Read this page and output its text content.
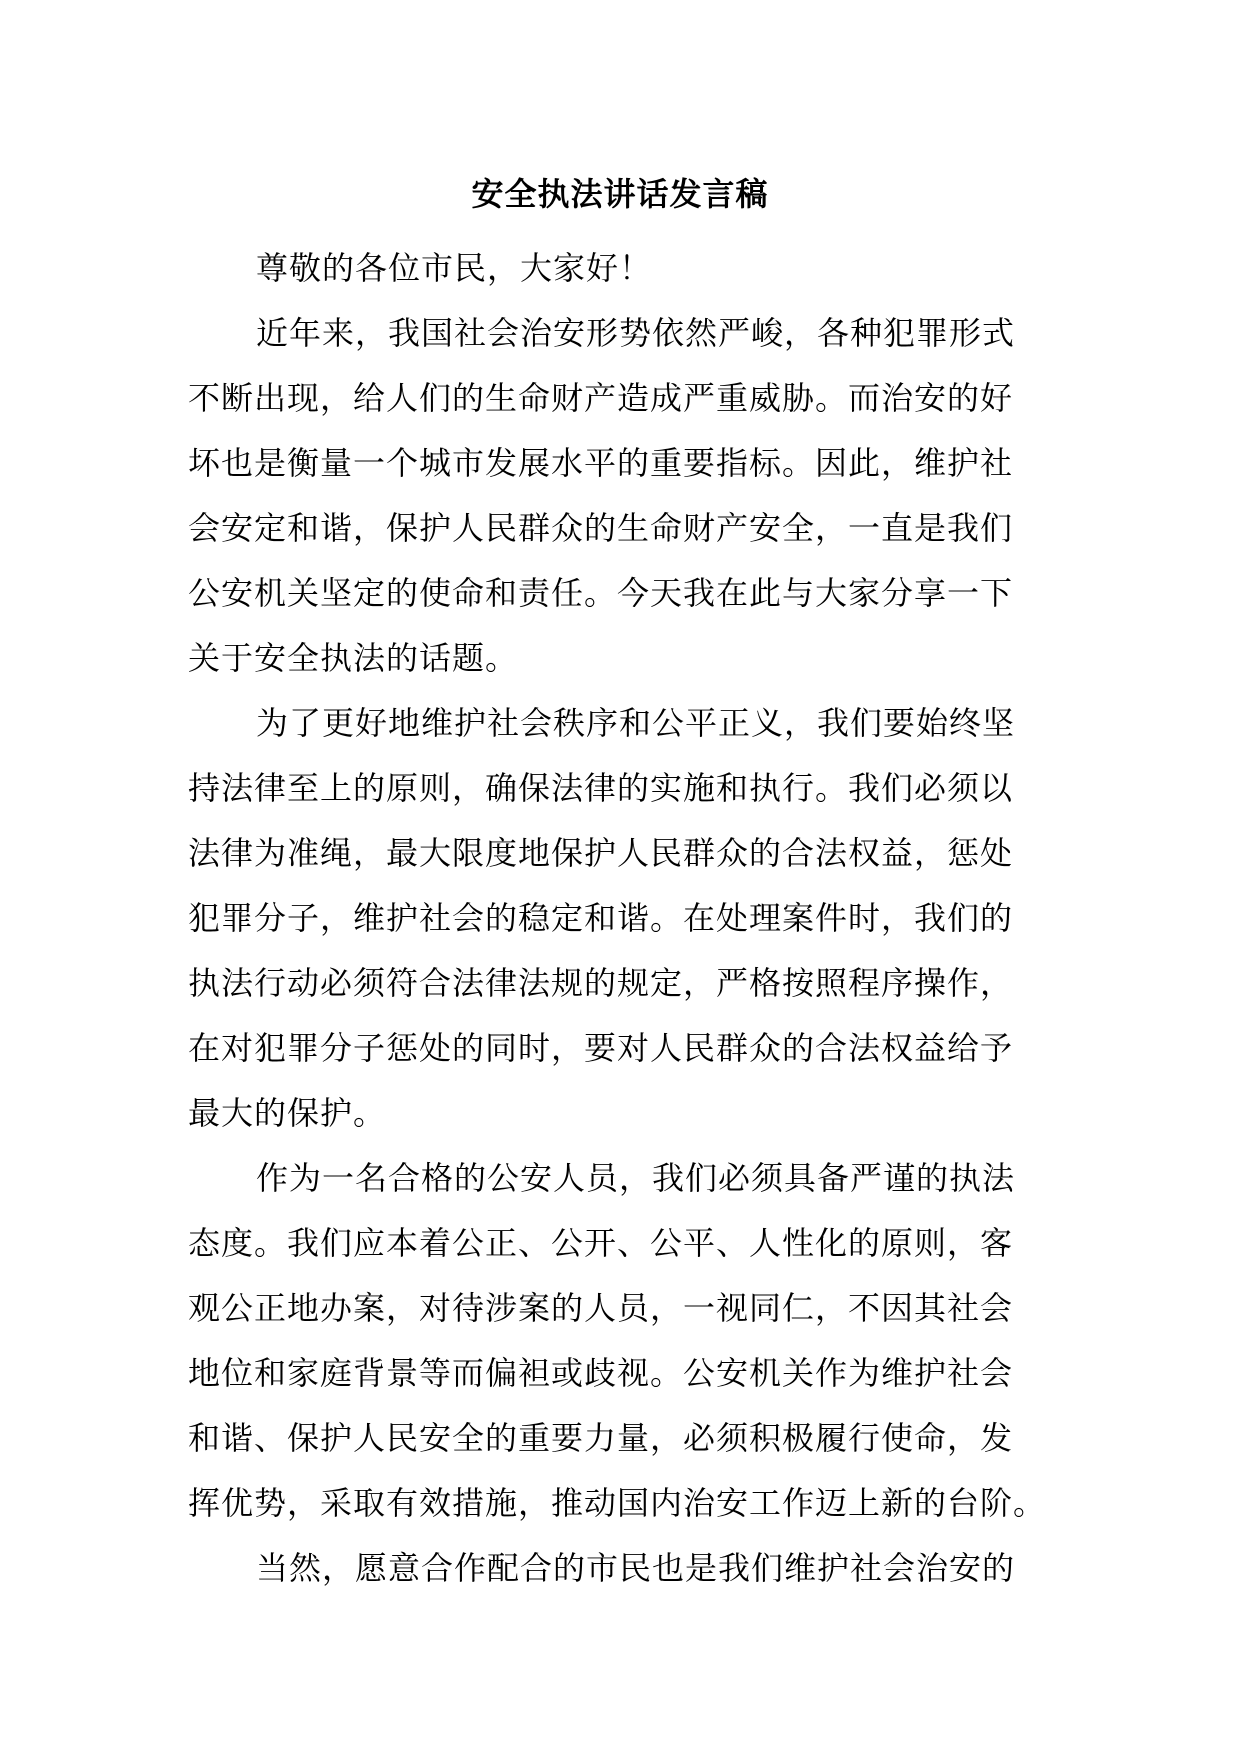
安全执法讲话发言稿
尊敬的各位市民，大家好！
近年来，我国社会治安形势依然严峻，各种犯罪形式
不断出现，给人们的生命财产造成严重威胁。而治安的好
坏也是衡量一个城市发展水平的重要指标。因此，维护社
会安定和谐，保护人民群众的生命财产安全，一直是我们
公安机关坚定的使命和责任。今天我在此与大家分享一下
关于安全执法的话题。
为了更好地维护社会秩序和公平正义，我们要始终坚
持法律至上的原则，确保法律的实施和执行。我们必须以
法律为准绳，最大限度地保护人民群众的合法权益，惩处
犯罪分子，维护社会的稳定和谐。在处理案件时，我们的
执法行动必须符合法律法规的规定，严格按照程序操作，
在对犯罪分子惩处的同时，要对人民群众的合法权益给予
最大的保护。
作为一名合格的公安人员，我们必须具备严谨的执法
态度。我们应本着公正、公开、公平、人性化的原则，客
观公正地办案，对待涉案的人员，一视同仁，不因其社会
地位和家庭背景等而偏袒或歧视。公安机关作为维护社会
和谐、保护人民安全的重要力量，必须积极履行使命，发
挥优势，采取有效措施，推动国内治安工作迈上新的台阶。
当然，愿意合作配合的市民也是我们维护社会治安的
